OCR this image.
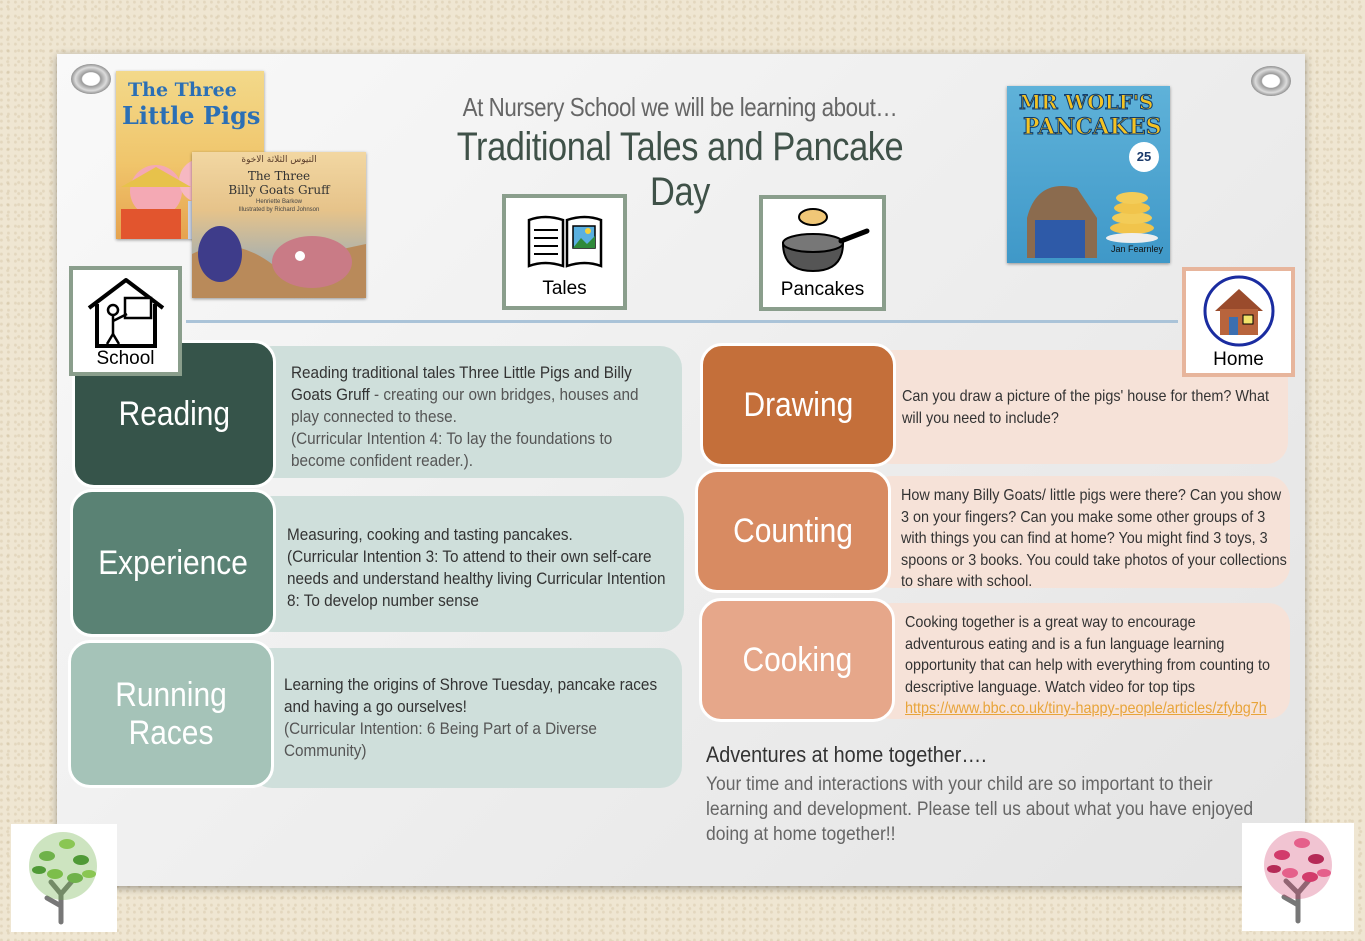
At Nursery School we will be learning about…
Traditional Tales and Pancake Day
The Three
Little Pigs
التيوس الثلاثة الاخوة
The Three
Billy Goats Gruff
Henriette Barkow
Illustrated by Richard Johnson
MR WOLF'S
PANCAKES
25
Jan Fearnley
Tales	Pancakes
Reading
Experience
Running Races
Reading traditional tales Three Little Pigs and Billy Goats Gruff - creating our own bridges, houses and play connected to these.
(Curricular Intention 4: To lay the foundations to become confident reader.).
Measuring, cooking and tasting pancakes.
(Curricular Intention 3: To attend to their own self-care needs and understand healthy living Curricular Intention 8: To develop number sense
Learning the origins of Shrove Tuesday, pancake races and having a go ourselves!
(Curricular Intention: 6 Being Part of a Diverse Community)
School
Drawing
Counting
Cooking
Can you draw a picture of the pigs' house for them? What will you need to include?
How many Billy Goats/ little pigs were there? Can you show 3 on your fingers? Can you make some other groups of 3 with things you can find at home? You might find 3 toys, 3 spoons or 3 books. You could take photos of your collections to share with school.
Cooking together is a great way to encourage adventurous eating and is a fun language learning opportunity that can help with everything from counting to descriptive language. Watch video for top tips https://www.bbc.co.uk/tiny-happy-people/articles/zfybg7h
Home
Adventures at home together….
Your time and interactions with your child are so important to their learning and development. Please tell us about what you have enjoyed doing at home together!!
